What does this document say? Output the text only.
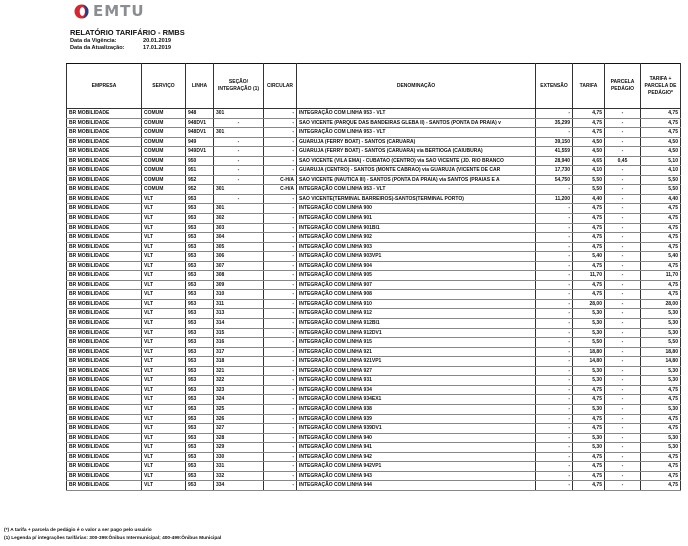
EMTU
RELATÓRIO TARIFÁRIO - RMBS
Data da Vigência:	20.01.2019
Data da Atualização:	17.01.2019
EMPRESA	SERVIÇO	LINHA	SEÇÃO/ INTEGRAÇÃO (1)	CIRCULAR	DENOMINAÇÃO	EXTENSÃO	TARIFA	PARCELA PEDÁGIO	TARIFA + PARCELA DE PEDÁGIO*
BR MOBILIDADE	COMUM	948	301	-	INTEGRAÇÃO COM LINHA 953 - VLT	-	4,75	-	4,75
BR MOBILIDADE	COMUM	948DV1	-	-	SAO VICENTE (PARQUE DAS BANDEIRAS GLEBA II) - SANTOS (PONTA DA PRAIA) v	35,299	4,75	-	4,75
BR MOBILIDADE	COMUM	948DV1	301	-	INTEGRAÇÃO COM LINHA 953 - VLT	-	4,75	-	4,75
BR MOBILIDADE	COMUM	949	-	-	GUARUJA (FERRY BOAT) - SANTOS (CARUARA)	39,150	4,50	-	4,50
BR MOBILIDADE	COMUM	949DV1	-	-	GUARUJA (FERRY BOAT) - SANTOS (CARUARA) via BERTIOGA (CAIUBURA)	41,559	4,50	-	4,50
BR MOBILIDADE	COMUM	950	-	-	SAO VICENTE (VILA EMA) - CUBATAO (CENTRO) via SAO VICENTE (JD. RIO BRANCO	28,940	4,65	0,45	5,10
BR MOBILIDADE	COMUM	951	-	-	GUARUJA (CENTRO) - SANTOS (MONTE CABRAO) via GUARUJA (VICENTE DE CAR	17,730	4,10	-	4,10
BR MOBILIDADE	COMUM	952	-	C-H/A	SAO VICENTE (NAUTICA III) - SANTOS (PONTA DA PRAIA) via SANTOS (PRAIAS E A	54,750	5,50	-	5,50
BR MOBILIDADE	COMUM	952	301	C-H/A	INTEGRAÇÃO COM LINHA 953 - VLT	-	5,50	-	5,50
BR MOBILIDADE	VLT	953	-	-	SAO VICENTE(TERMINAL BARREIROS)-SANTOS(TERMINAL PORTO)	11,200	4,40	-	4,40
BR MOBILIDADE	VLT	953	301	-	INTEGRAÇÃO COM LINHA 900	-	4,75	-	4,75
BR MOBILIDADE	VLT	953	302	-	INTEGRAÇÃO COM LINHA 901	-	4,75	-	4,75
BR MOBILIDADE	VLT	953	303	-	INTEGRAÇÃO COM LINHA 901BI1	-	4,75	-	4,75
BR MOBILIDADE	VLT	953	304	-	INTEGRAÇÃO COM LINHA 902	-	4,75	-	4,75
BR MOBILIDADE	VLT	953	305	-	INTEGRAÇÃO COM LINHA 903	-	4,75	-	4,75
BR MOBILIDADE	VLT	953	306	-	INTEGRAÇÃO COM LINHA 903VP1	-	5,40	-	5,40
BR MOBILIDADE	VLT	953	307	-	INTEGRAÇÃO COM LINHA 904	-	4,75	-	4,75
BR MOBILIDADE	VLT	953	308	-	INTEGRAÇÃO COM LINHA 905	-	11,70	-	11,70
BR MOBILIDADE	VLT	953	309	-	INTEGRAÇÃO COM LINHA 907	-	4,75	-	4,75
BR MOBILIDADE	VLT	953	310	-	INTEGRAÇÃO COM LINHA 908	-	4,75	-	4,75
BR MOBILIDADE	VLT	953	311	-	INTEGRAÇÃO COM LINHA 910	-	28,00	-	28,00
BR MOBILIDADE	VLT	953	313	-	INTEGRAÇÃO COM LINHA 912	-	5,30	-	5,30
BR MOBILIDADE	VLT	953	314	-	INTEGRAÇÃO COM LINHA 912BI1	-	5,30	-	5,30
BR MOBILIDADE	VLT	953	315	-	INTEGRAÇÃO COM LINHA 912DV1	-	5,30	-	5,30
BR MOBILIDADE	VLT	953	316	-	INTEGRAÇÃO COM LINHA 915	-	5,50	-	5,50
BR MOBILIDADE	VLT	953	317	-	INTEGRAÇÃO COM LINHA 921	-	18,80	-	18,80
BR MOBILIDADE	VLT	953	318	-	INTEGRAÇÃO COM LINHA 921VP1	-	14,80	-	14,80
BR MOBILIDADE	VLT	953	321	-	INTEGRAÇÃO COM LINHA 927	-	5,30	-	5,30
BR MOBILIDADE	VLT	953	322	-	INTEGRAÇÃO COM LINHA 931	-	5,30	-	5,30
BR MOBILIDADE	VLT	953	323	-	INTEGRAÇÃO COM LINHA 934	-	4,75	-	4,75
BR MOBILIDADE	VLT	953	324	-	INTEGRAÇÃO COM LINHA 934EX1	-	4,75	-	4,75
BR MOBILIDADE	VLT	953	325	-	INTEGRAÇÃO COM LINHA 938	-	5,30	-	5,30
BR MOBILIDADE	VLT	953	326	-	INTEGRAÇÃO COM LINHA 939	-	4,75	-	4,75
BR MOBILIDADE	VLT	953	327	-	INTEGRAÇÃO COM LINHA 939DV1	-	4,75	-	4,75
BR MOBILIDADE	VLT	953	328	-	INTEGRAÇÃO COM LINHA 940	-	5,30	-	5,30
BR MOBILIDADE	VLT	953	329	-	INTEGRAÇÃO COM LINHA 941	-	5,30	-	5,30
BR MOBILIDADE	VLT	953	330	-	INTEGRAÇÃO COM LINHA 942	-	4,75	-	4,75
BR MOBILIDADE	VLT	953	331	-	INTEGRAÇÃO COM LINHA 942VP1	-	4,75	-	4,75
BR MOBILIDADE	VLT	953	332	-	INTEGRAÇÃO COM LINHA 943	-	4,75	-	4,75
BR MOBILIDADE	VLT	953	334	-	INTEGRAÇÃO COM LINHA 944	-	4,75	-	4,75
(*) A tarifa + parcela de pedágio é o valor a ser pago pelo usuário
(1) Legenda p/ integrações tarifárias: 300-399:Ônibus Intermunicipal; 400-499:Ônibus Municipal
